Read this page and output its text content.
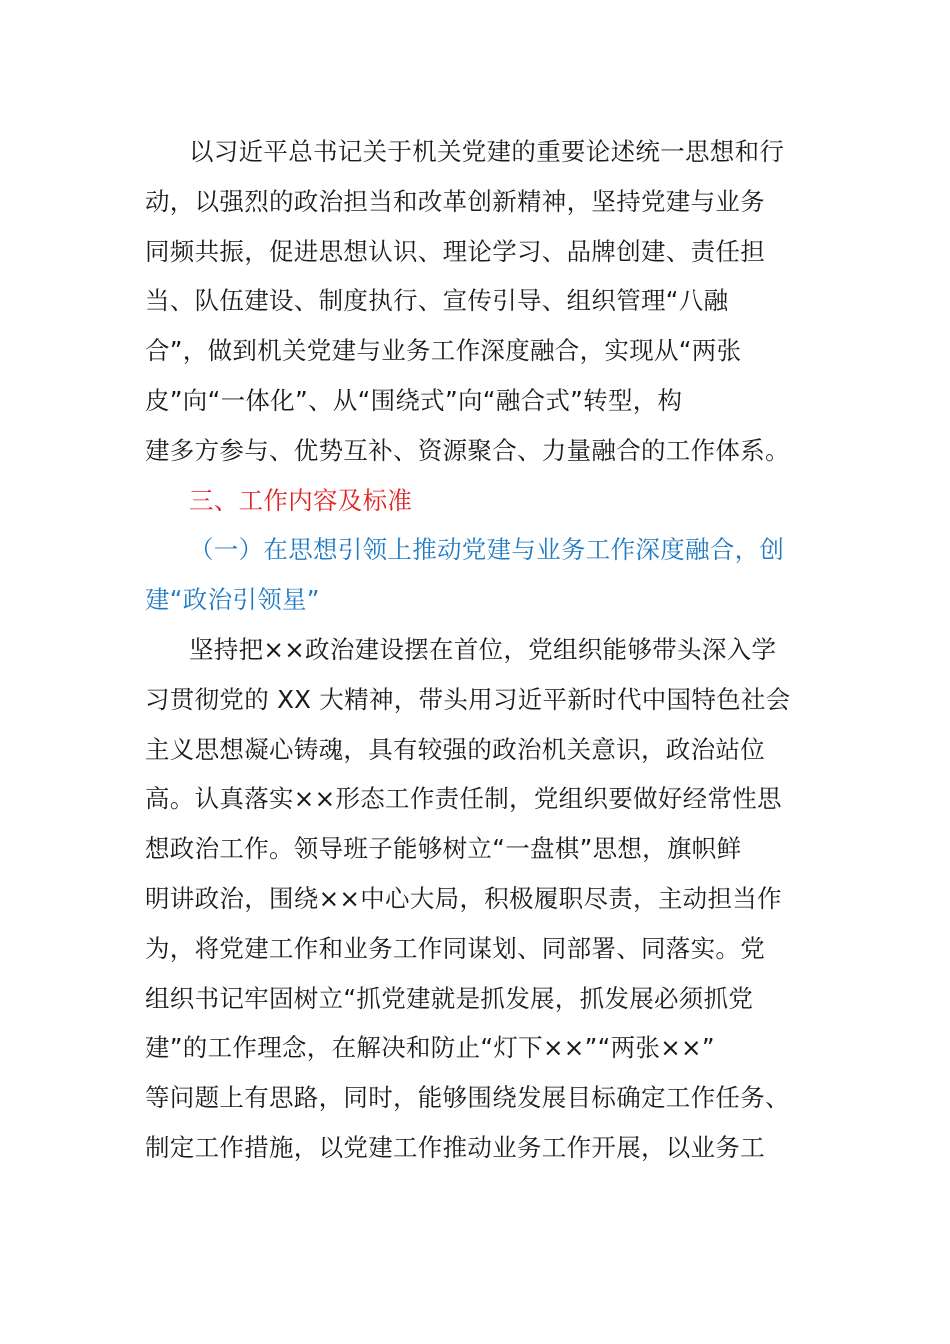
以习近平总书记关于机关党建的重要论述统一思想和行
动，以强烈的政治担当和改革创新精神，坚持党建与业务
同频共振，促进思想认识、理论学习、品牌创建、责任担
当、队伍建设、制度执行、宣传引导、组织管理“八融
合”，做到机关党建与业务工作深度融合，实现从“两张
皮”向“一体化”、从“围绕式”向“融合式”转型，构
建多方参与、优势互补、资源聚合、力量融合的工作体系。
三、工作内容及标准
（一）在思想引领上推动党建与业务工作深度融合，创
建“政治引领星”
坚持把××政治建设摆在首位，党组织能够带头深入学
习贯彻党的 XX 大精神，带头用习近平新时代中国特色社会
主义思想凝心铸魂，具有较强的政治机关意识，政治站位
高。认真落实××形态工作责任制，党组织要做好经常性思
想政治工作。领导班子能够树立“一盘棋”思想，旗帜鲜
明讲政治，围绕××中心大局，积极履职尽责，主动担当作
为，将党建工作和业务工作同谋划、同部署、同落实。党
组织书记牢固树立“抓党建就是抓发展，抓发展必须抓党
建”的工作理念，在解决和防止“灯下××”“两张××”
等问题上有思路，同时，能够围绕发展目标确定工作任务、
制定工作措施，以党建工作推动业务工作开展，以业务工
